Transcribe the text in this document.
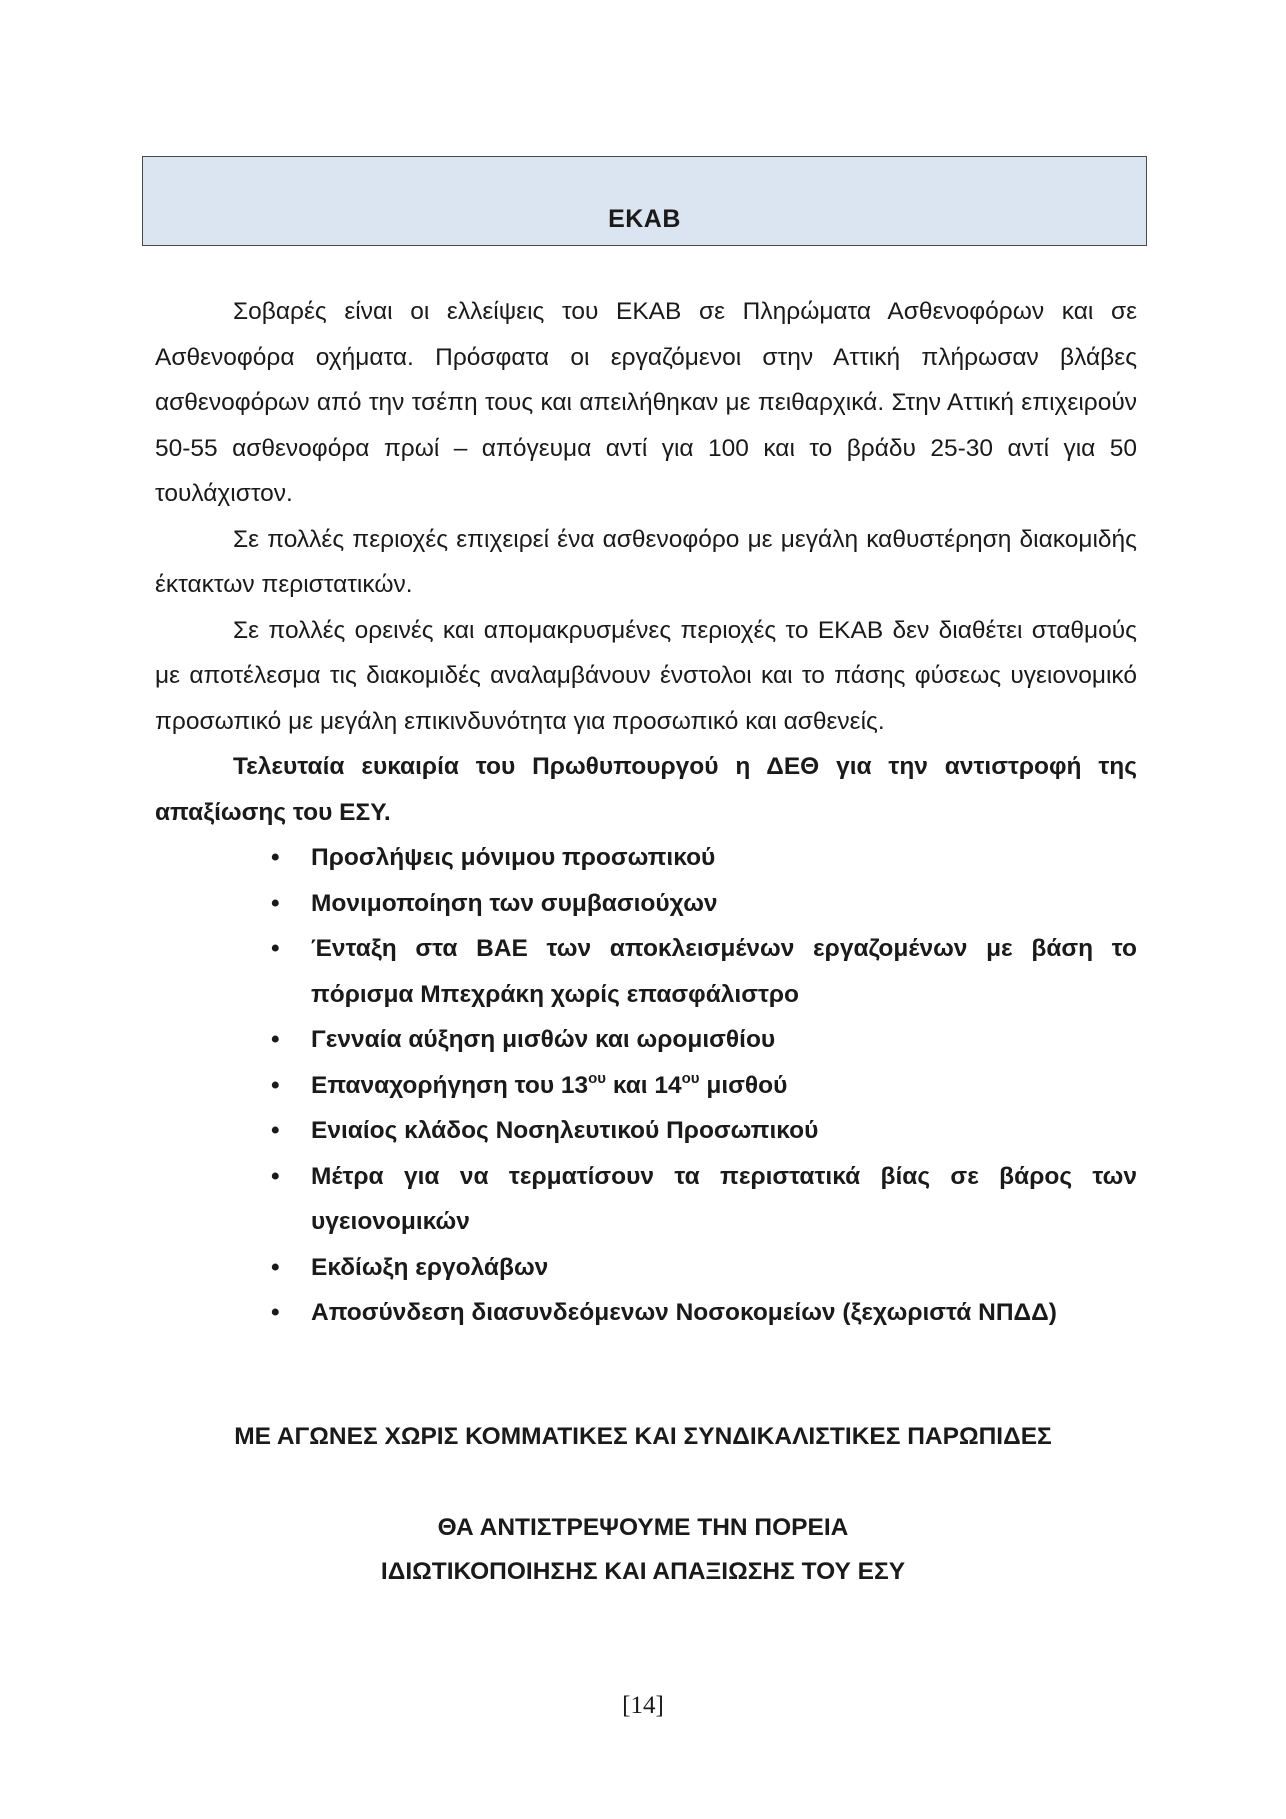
ΕΚΑΒ

Σοβαρές είναι οι ελλείψεις του ΕΚΑΒ σε Πληρώματα Ασθενοφόρων και σε Ασθενοφόρα οχήματα. Πρόσφατα οι εργαζόμενοι στην Αττική πλήρωσαν βλάβες ασθενοφόρων από την τσέπη τους και απειλήθηκαν με πειθαρχικά. Στην Αττική επιχειρούν 50-55 ασθενοφόρα πρωί – απόγευμα αντί για 100 και το βράδυ 25-30 αντί για 50 τουλάχιστον.

Σε πολλές περιοχές επιχειρεί ένα ασθενοφόρο με μεγάλη καθυστέρηση διακομιδής έκτακτων περιστατικών.

Σε πολλές ορεινές και απομακρυσμένες περιοχές το ΕΚΑΒ δεν διαθέτει σταθμούς με αποτέλεσμα τις διακομιδές αναλαμβάνουν ένστολοι και το πάσης φύσεως υγειονομικό προσωπικό με μεγάλη επικινδυνότητα για προσωπικό και ασθενείς.

Τελευταία ευκαιρία του Πρωθυπουργού η ΔΕΘ για την αντιστροφή της απαξίωσης του ΕΣΥ.

• Προσλήψεις μόνιμου προσωπικού
• Μονιμοποίηση των συμβασιούχων
• Ένταξη στα ΒΑΕ των αποκλεισμένων εργαζομένων με βάση το πόρισμα Μπεχράκη χωρίς επασφάλιστρο
• Γενναία αύξηση μισθών και ωρομισθίου
• Επαναχορήγηση του $13^{o\upsilon}$ και $14^{o\upsilon}$ μισθού
• Ενιαίος κλάδος Νοσηλευτικού Προσωπικού
• Μέτρα για να τερματίσουν τα περιστατικά βίας σε βάρος των υγειονομικών
• Εκδίωξη εργολάβων
• Αποσύνδεση διασυνδεόμενων Νοσοκομείων (ξεχωριστά ΝΠΔΔ)
ΜΕ ΑΓΩΝΕΣ ΧΩΡΙΣ ΚΟΜΜΑΤΙΚΕΣ ΚΑΙ ΣΥΝΔΙΚΑΛΙΣΤΙΚΕΣ ΠΑΡΩΠΙΔΕΣ
ΘΑ ΑΝΤΙΣΤΡΕΨΟΥΜΕ ΤΗΝ ΠΟΡΕΙΑ
ΙΔΙΩΤΙΚΟΠΟΙΗΣΗΣ ΚΑΙ ΑΠΑΞΙΩΣΗΣ ΤΟΥ ΕΣΥ
[14]
